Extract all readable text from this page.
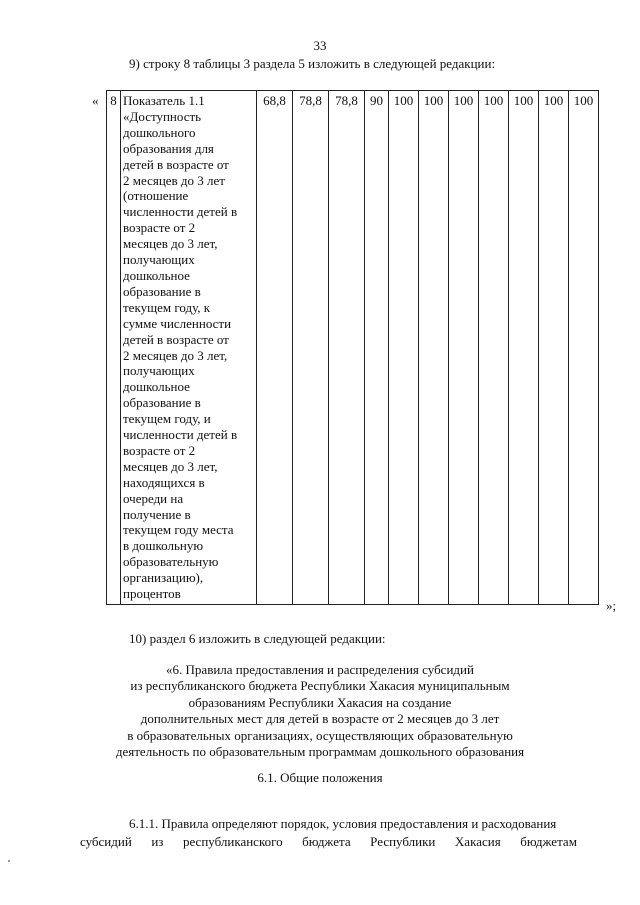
33
9) строку 8 таблицы 3 раздела 5 изложить в следующей редакции:
« 8	Показатель 1.1
«Доступность
дошкольного
образования для
детей в возрасте от
2 месяцев до 3 лет
(отношение
численности детей в
возрасте от 2
месяцев до 3 лет,
получающих
дошкольное
образование в
текущем году, к
сумме численности
детей в возрасте от
2 месяцев до 3 лет,
получающих
дошкольное
образование в
текущем году, и
численности детей в
возрасте от 2
месяцев до 3 лет,
находящихся в
очереди на
получение в
текущем году места
в дошкольную
образовательную
организацию),
процентов
	68,8	78,8	78,8	90	100	100	100	100	100	100	100
»;
10) раздел 6 изложить в следующей редакции:
«6. Правила предоставления и распределения субсидий
из республиканского бюджета Республики Хакасия муниципальным
образованиям Республики Хакасия на создание
дополнительных мест для детей в возрасте от 2 месяцев до 3 лет
в образовательных организациях, осуществляющих образовательную
деятельность по образовательным программам дошкольного образования
6.1. Общие положения
6.1.1. Правила определяют порядок, условия предоставления и расходования
субсидий из республиканского бюджета Республики Хакасия бюджетам
